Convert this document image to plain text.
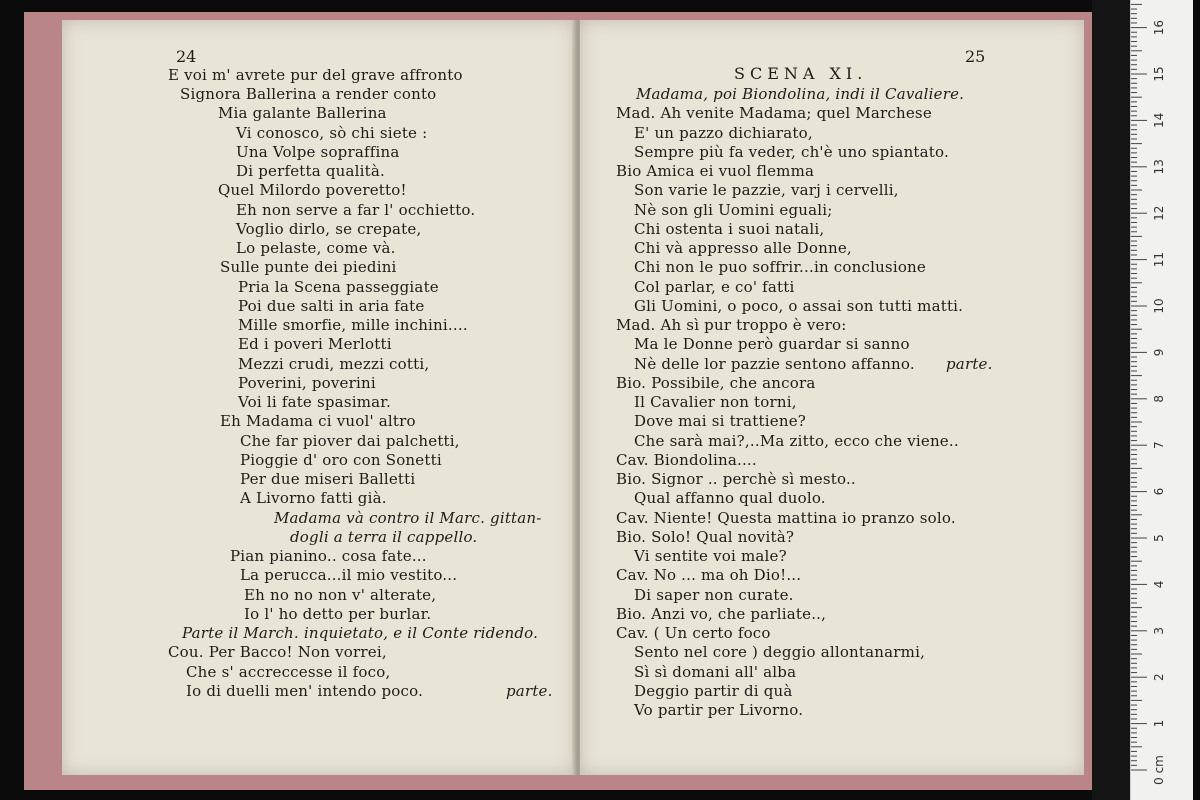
24

E voi m' avrete pur del grave affronto

Signora Ballerina a render conto

Mia galante Ballerina

Vi conosco, sò chi siete :

Una Volpe sopraffina

Di perfetta qualità.

Quel Milordo poveretto!

Eh non serve a far l' occhietto.

Voglio dirlo, se crepate,

Lo pelaste, come và.

Sulle punte dei piedini

Pria la Scena passeggiate

Poi due salti in aria fate

Mille smorfie, mille inchini....

Ed i poveri Merlotti

Mezzi crudi, mezzi cotti,

Poverini, poverini

Voi li fate spasimar.

Eh Madama ci vuol' altro

Che far piover dai palchetti,

Pioggie d' oro con Sonetti

Per due miseri Balletti

A Livorno fatti già.

Madama và contro il Marc. gittan-

dogli a terra il cappello.

Pian pianino.. cosa fate...

La perucca...il mio vestito...

Eh no no non v' alterate,

Io l' ho detto per burlar.

Parte il March. inquietato, e il Conte ridendo.

Cou. Per Bacco! Non vorrei,

Che s' accreccesse il foco,

Io di duelli men' intendo poco.	parte.

25

SCENA XI.

Madama, poi Biondolina, indi il Cavaliere.

Mad. Ah venite Madama; quel Marchese

E' un pazzo dichiarato,

Sempre più fa veder, ch'è uno spiantato.

Bio Amica ei vuol flemma

Son varie le pazzie, varj i cervelli,

Nè son gli Uomini eguali;

Chi ostenta i suoi natali,

Chi và appresso alle Donne,

Chi non le puo soffrir...in conclusione

Col parlar, e co' fatti

Gli Uomini, o poco, o assai son tutti matti.

Mad. Ah sì pur troppo è vero:

Ma le Donne però guardar si sanno

Nè delle lor pazzie sentono affanno. parte.

Bio. Possibile, che ancora

Il Cavalier non torni,

Dove mai si trattiene?

Che sarà mai?,..Ma zitto, ecco che viene..

Cav. Biondolina....

Bio. Signor .. perchè sì mesto..

Qual affanno qual duolo.

Cav. Niente! Questa mattina io pranzo solo.

Bio. Solo! Qual novità?

Vi sentite voi male?

Cav. No ... ma oh Dio!...

Di saper non curate.

Bio. Anzi vo, che parliate..,

Cav. ( Un certo foco

Sento nel core ) deggio allontanarmi,

Sì sì domani all' alba

Deggio partir di quà

Vo partir per Livorno.

0 cm
1
2
3
4
5
6
7
8
9
10
11
12
13
14
15
16
